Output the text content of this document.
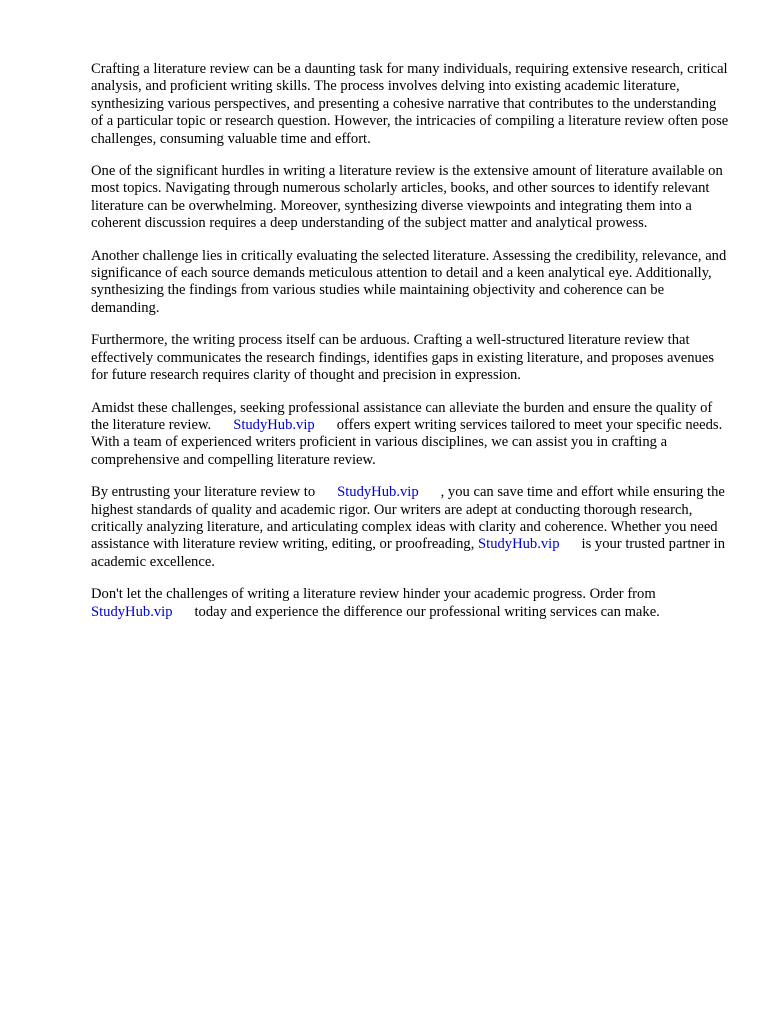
Crafting a literature review can be a daunting task for many individuals, requiring extensive research, critical analysis, and proficient writing skills. The process involves delving into existing academic literature, synthesizing various perspectives, and presenting a cohesive narrative that contributes to the understanding of a particular topic or research question. However, the intricacies of compiling a literature review often pose challenges, consuming valuable time and effort.

One of the significant hurdles in writing a literature review is the extensive amount of literature available on most topics. Navigating through numerous scholarly articles, books, and other sources to identify relevant literature can be overwhelming. Moreover, synthesizing diverse viewpoints and integrating them into a coherent discussion requires a deep understanding of the subject matter and analytical prowess.

Another challenge lies in critically evaluating the selected literature. Assessing the credibility, relevance, and significance of each source demands meticulous attention to detail and a keen analytical eye. Additionally, synthesizing the findings from various studies while maintaining objectivity and coherence can be demanding.

Furthermore, the writing process itself can be arduous. Crafting a well-structured literature review that effectively communicates the research findings, identifies gaps in existing literature, and proposes avenues for future research requires clarity of thought and precision in expression.

Amidst these challenges, seeking professional assistance can alleviate the burden and ensure the quality of the literature review. StudyHub.vip offers expert writing services tailored to meet your specific needs. With a team of experienced writers proficient in various disciplines, we can assist you in crafting a comprehensive and compelling literature review.

By entrusting your literature review to StudyHub.vip , you can save time and effort while ensuring the highest standards of quality and academic rigor. Our writers are adept at conducting thorough research, critically analyzing literature, and articulating complex ideas with clarity and coherence. Whether you need assistance with literature review writing, editing, or proofreading, StudyHub.vip is your trusted partner in academic excellence.

Don't let the challenges of writing a literature review hinder your academic progress. Order from StudyHub.vip today and experience the difference our professional writing services can make.
